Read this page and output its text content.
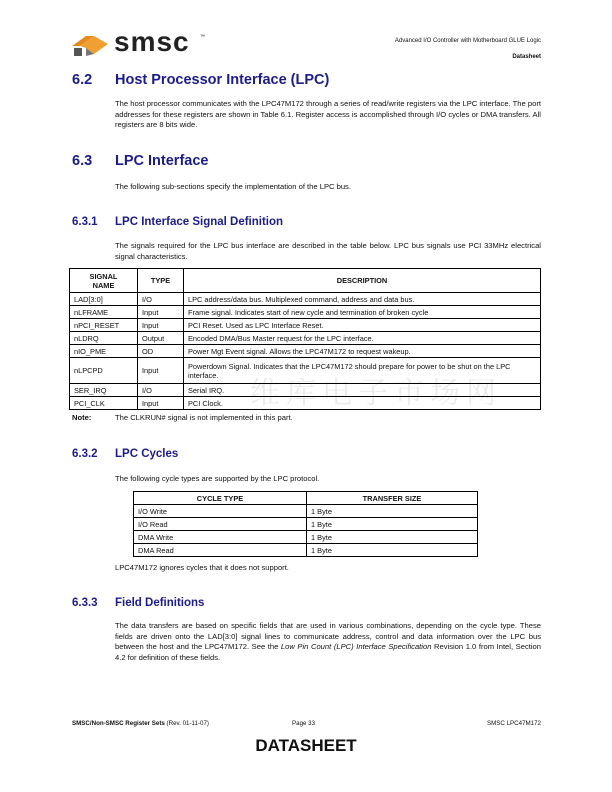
smsc ™
Advanced I/O Controller with Motherboard GLUE Logic
Datasheet
6.2 Host Processor Interface (LPC)
The host processor communicates with the LPC47M172 through a series of read/write registers via the LPC interface. The port addresses for these registers are shown in Table 6.1. Register access is accomplished through I/O cycles or DMA transfers. All registers are 8 bits wide.
6.3 LPC Interface
The following sub-sections specify the implementation of the LPC bus.
6.3.1 LPC Interface Signal Definition
The signals required for the LPC bus interface are described in the table below. LPC bus signals use PCI 33MHz electrical signal characteristics.
SIGNAL NAME	TYPE	DESCRIPTION
LAD[3:0]	I/O	LPC address/data bus. Multiplexed command, address and data bus.
nLFRAME	Input	Frame signal. Indicates start of new cycle and termination of broken cycle
nPCI_RESET	Input	PCI Reset. Used as LPC Interface Reset.
nLDRQ	Output	Encoded DMA/Bus Master request for the LPC interface.
nIO_PME	OD	Power Mgt Event signal. Allows the LPC47M172 to request wakeup.
nLPCPD	Input	Powerdown Signal. Indicates that the LPC47M172 should prepare for power to be shut on the LPC interface.
SER_IRQ	I/O	Serial IRQ.
PCI_CLK	Input	PCI Clock. 维库电子市场网
Note:	The CLKRUN# signal is not implemented in this part.
6.3.2 LPC Cycles
The following cycle types are supported by the LPC protocol.
CYCLE TYPE	TRANSFER SIZE
I/O Write	1 Byte
I/O Read	1 Byte
DMA Write	1 Byte
DMA Read	1 Byte
LPC47M172 ignores cycles that it does not support.
6.3.3 Field Definitions
The data transfers are based on specific fields that are used in various combinations, depending on the cycle type. These fields are driven onto the LAD[3:0] signal lines to communicate address, control and data information over the LPC bus between the host and the LPC47M172. See the Low Pin Count (LPC) Interface Specification Revision 1.0 from Intel, Section 4.2 for definition of these fields.
SMSC/Non-SMSC Register Sets (Rev. 01-11-07)	Page 33	SMSC LPC47M172
DATASHEET
